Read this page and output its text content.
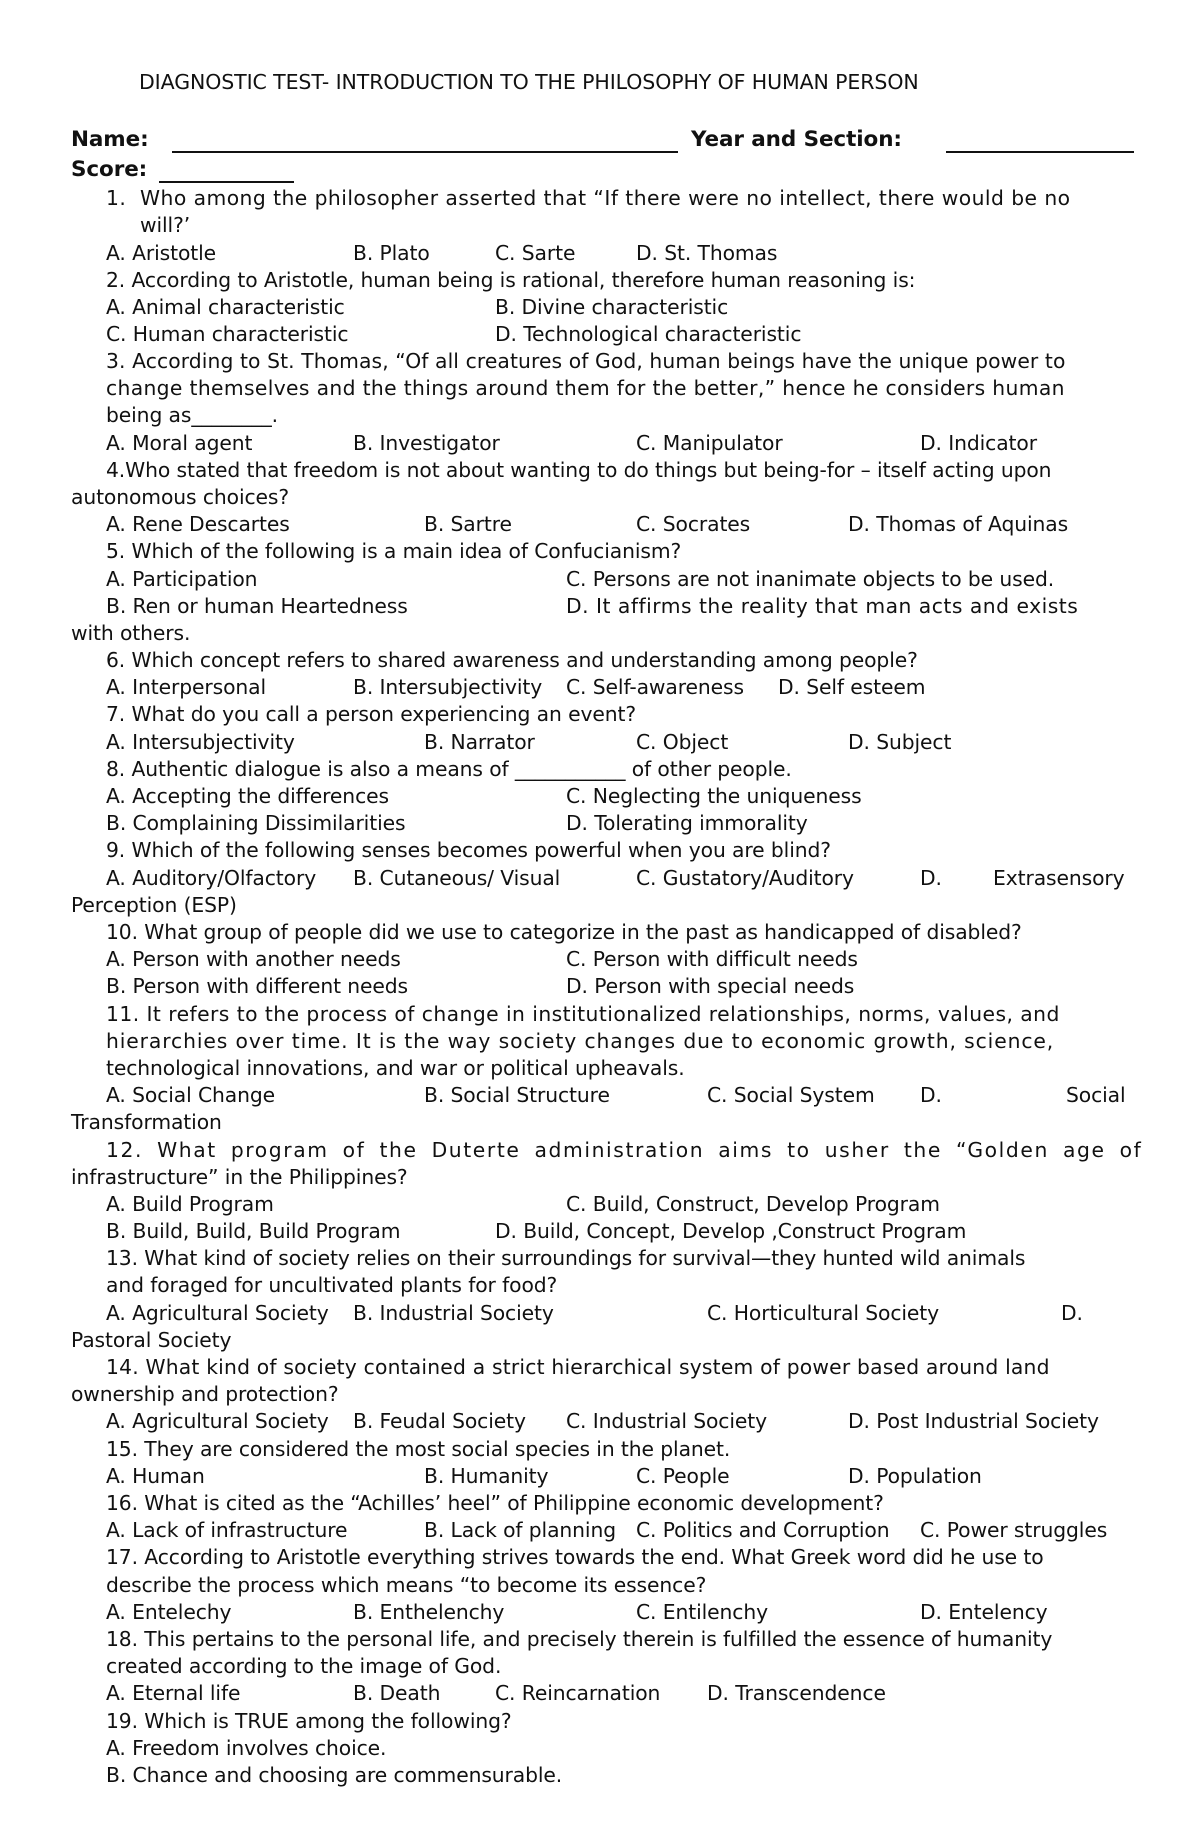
DIAGNOSTIC TEST- INTRODUCTION TO THE PHILOSOPHY OF HUMAN PERSON
Name:	Year and Section:
Score:
1.  Who among the philosopher asserted that “If there were no intellect, there would be no
will?’
A. Aristotle	B. Plato	C. Sarte	D. St. Thomas
2. According to Aristotle, human being is rational, therefore human reasoning is:
A. Animal characteristic	B. Divine characteristic
C. Human characteristic	D. Technological characteristic
3. According to St. Thomas, “Of all creatures of God, human beings have the unique power to
change themselves and the things around them for the better,” hence he considers human
being as________.
A. Moral agent	B. Investigator	C. Manipulator	D. Indicator
4.Who stated that freedom is not about wanting to do things but being-for – itself acting upon
autonomous choices?
A. Rene Descartes	B. Sartre	C. Socrates	D. Thomas of Aquinas
5. Which of the following is a main idea of Confucianism?
A. Participation	C. Persons are not inanimate objects to be used.
B. Ren or human Heartedness	D. It affirms the reality that man acts and exists
with others.
6. Which concept refers to shared awareness and understanding among people?
A. Interpersonal	B. Intersubjectivity C. Self-awareness D. Self esteem
7. What do you call a person experiencing an event?
A. Intersubjectivity	B. Narrator	C. Object	D. Subject
8. Authentic dialogue is also a means of ___________ of other people.
A. Accepting the differences	C. Neglecting the uniqueness
B. Complaining Dissimilarities	D. Tolerating immorality
9. Which of the following senses becomes powerful when you are blind?
A. Auditory/Olfactory B. Cutaneous/ Visual	C. Gustatory/Auditory	D.	Extrasensory
Perception (ESP)
10. What group of people did we use to categorize in the past as handicapped of disabled?
A. Person with another needs	C. Person with difficult needs
B. Person with different needs	D. Person with special needs
11. It refers to the process of change in institutionalized relationships, norms, values, and
hierarchies over time. It is the way society changes due to economic growth, science,
technological innovations, and war or political upheavals.
A. Social Change	B. Social Structure	C. Social System D.	Social
Transformation
12. What program of the Duterte administration aims to usher the “Golden age of
infrastructure” in the Philippines?
A. Build Program	C. Build, Construct, Develop Program
B. Build, Build, Build Program	D. Build, Concept, Develop ,Construct Program
13. What kind of society relies on their surroundings for survival—they hunted wild animals
and foraged for uncultivated plants for food?
A. Agricultural Society B. Industrial Society	C. Horticultural Society	D.
Pastoral Society
14. What kind of society contained a strict hierarchical system of power based around land
ownership and protection?
A. Agricultural Society B. Feudal Society C. Industrial Society	D. Post Industrial Society
15. They are considered the most social species in the planet.
A. Human	B. Humanity	C. People	D. Population
16. What is cited as the “Achilles’ heel” of Philippine economic development?
A. Lack of infrastructure	B. Lack of planning C. Politics and Corruption C. Power struggles
17. According to Aristotle everything strives towards the end. What Greek word did he use to
describe the process which means “to become its essence?
A. Entelechy	B. Enthelenchy	C. Entilenchy	D. Entelency
18. This pertains to the personal life, and precisely therein is fulfilled the essence of humanity
created according to the image of God.
A. Eternal life	B. Death	C. Reincarnation D. Transcendence
19. Which is TRUE among the following?
A. Freedom involves choice.
B. Chance and choosing are commensurable.
